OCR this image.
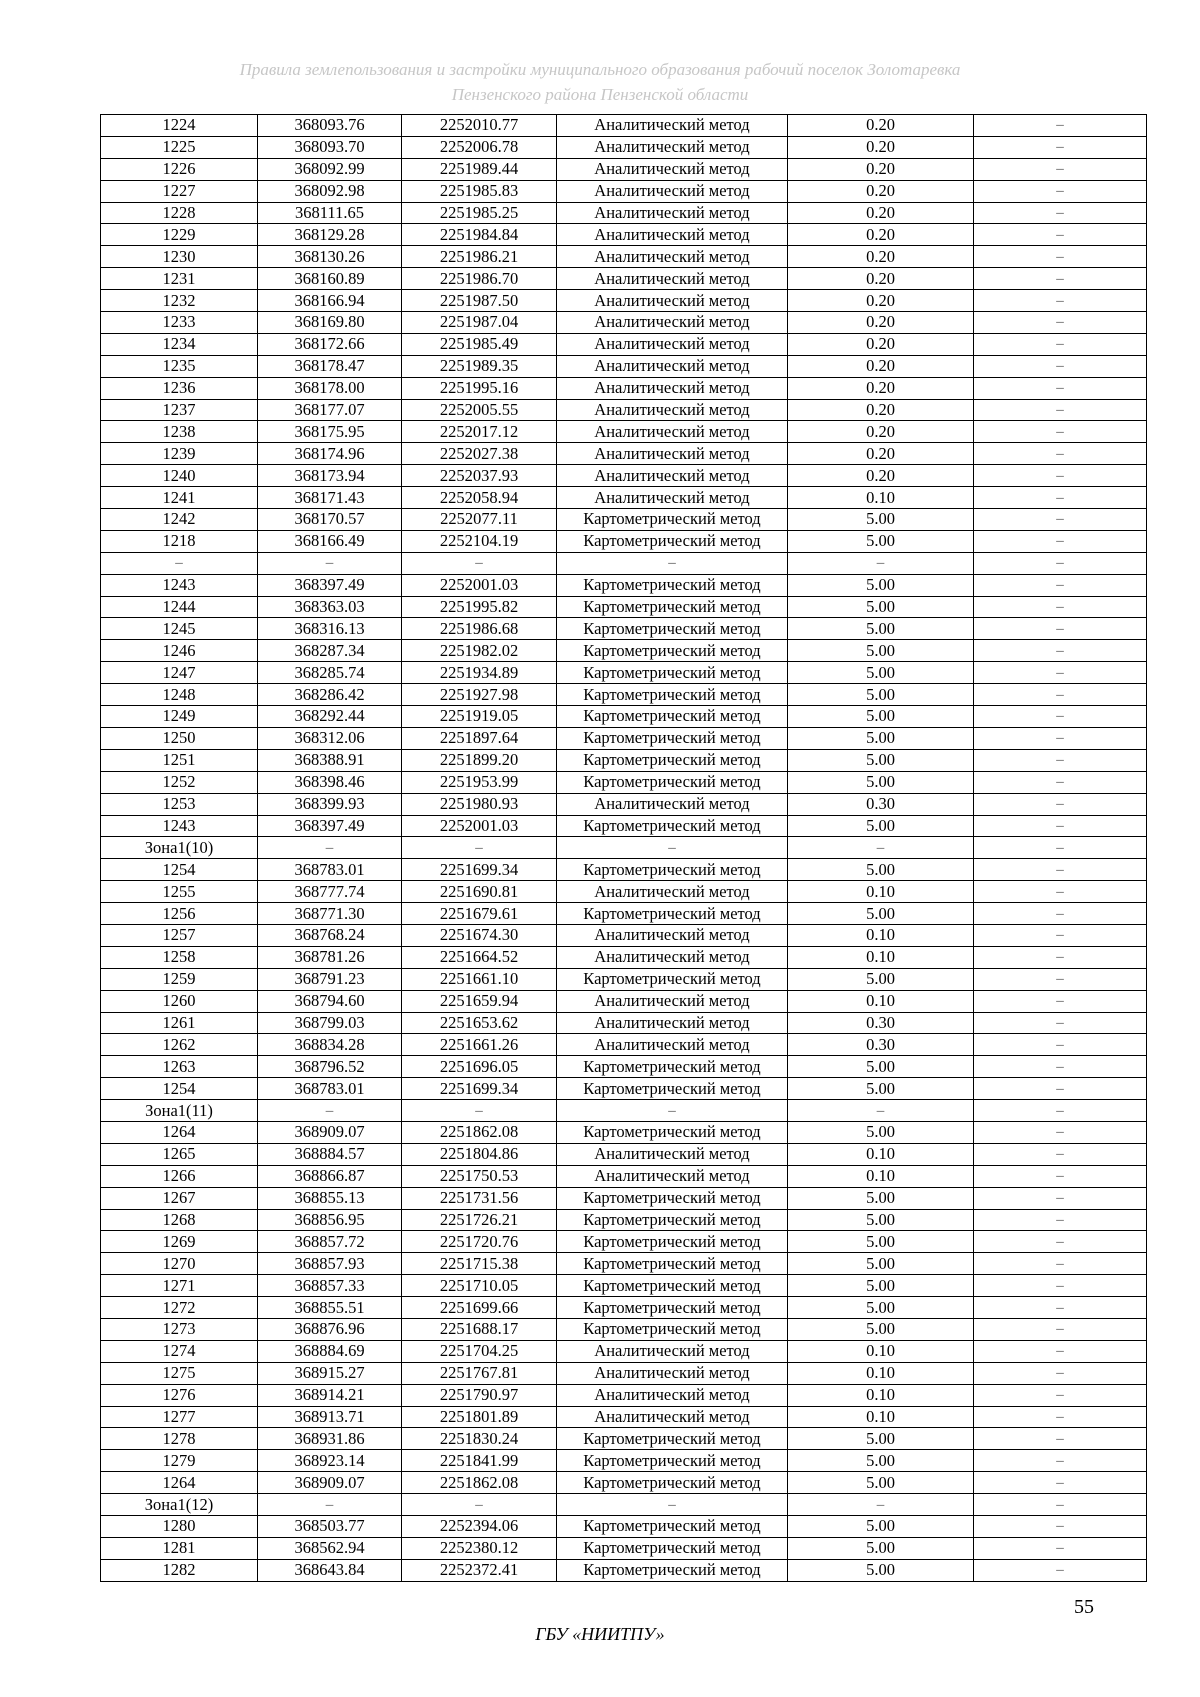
Правила землепользования и застройки муниципального образования рабочий поселок Золотаревка
Пензенского района Пензенской области
1224	368093.76	2252010.77	Аналитический метод	0.20	–
1225	368093.70	2252006.78	Аналитический метод	0.20	–
1226	368092.99	2251989.44	Аналитический метод	0.20	–
1227	368092.98	2251985.83	Аналитический метод	0.20	–
1228	368111.65	2251985.25	Аналитический метод	0.20	–
1229	368129.28	2251984.84	Аналитический метод	0.20	–
1230	368130.26	2251986.21	Аналитический метод	0.20	–
1231	368160.89	2251986.70	Аналитический метод	0.20	–
1232	368166.94	2251987.50	Аналитический метод	0.20	–
1233	368169.80	2251987.04	Аналитический метод	0.20	–
1234	368172.66	2251985.49	Аналитический метод	0.20	–
1235	368178.47	2251989.35	Аналитический метод	0.20	–
1236	368178.00	2251995.16	Аналитический метод	0.20	–
1237	368177.07	2252005.55	Аналитический метод	0.20	–
1238	368175.95	2252017.12	Аналитический метод	0.20	–
1239	368174.96	2252027.38	Аналитический метод	0.20	–
1240	368173.94	2252037.93	Аналитический метод	0.20	–
1241	368171.43	2252058.94	Аналитический метод	0.10	–
1242	368170.57	2252077.11	Картометрический метод	5.00	–
1218	368166.49	2252104.19	Картометрический метод	5.00	–
–	–	–	–	–	–
1243	368397.49	2252001.03	Картометрический метод	5.00	–
1244	368363.03	2251995.82	Картометрический метод	5.00	–
1245	368316.13	2251986.68	Картометрический метод	5.00	–
1246	368287.34	2251982.02	Картометрический метод	5.00	–
1247	368285.74	2251934.89	Картометрический метод	5.00	–
1248	368286.42	2251927.98	Картометрический метод	5.00	–
1249	368292.44	2251919.05	Картометрический метод	5.00	–
1250	368312.06	2251897.64	Картометрический метод	5.00	–
1251	368388.91	2251899.20	Картометрический метод	5.00	–
1252	368398.46	2251953.99	Картометрический метод	5.00	–
1253	368399.93	2251980.93	Аналитический метод	0.30	–
1243	368397.49	2252001.03	Картометрический метод	5.00	–
Зона1(10)	–	–	–	–	–
1254	368783.01	2251699.34	Картометрический метод	5.00	–
1255	368777.74	2251690.81	Аналитический метод	0.10	–
1256	368771.30	2251679.61	Картометрический метод	5.00	–
1257	368768.24	2251674.30	Аналитический метод	0.10	–
1258	368781.26	2251664.52	Аналитический метод	0.10	–
1259	368791.23	2251661.10	Картометрический метод	5.00	–
1260	368794.60	2251659.94	Аналитический метод	0.10	–
1261	368799.03	2251653.62	Аналитический метод	0.30	–
1262	368834.28	2251661.26	Аналитический метод	0.30	–
1263	368796.52	2251696.05	Картометрический метод	5.00	–
1254	368783.01	2251699.34	Картометрический метод	5.00	–
Зона1(11)	–	–	–	–	–
1264	368909.07	2251862.08	Картометрический метод	5.00	–
1265	368884.57	2251804.86	Аналитический метод	0.10	–
1266	368866.87	2251750.53	Аналитический метод	0.10	–
1267	368855.13	2251731.56	Картометрический метод	5.00	–
1268	368856.95	2251726.21	Картометрический метод	5.00	–
1269	368857.72	2251720.76	Картометрический метод	5.00	–
1270	368857.93	2251715.38	Картометрический метод	5.00	–
1271	368857.33	2251710.05	Картометрический метод	5.00	–
1272	368855.51	2251699.66	Картометрический метод	5.00	–
1273	368876.96	2251688.17	Картометрический метод	5.00	–
1274	368884.69	2251704.25	Аналитический метод	0.10	–
1275	368915.27	2251767.81	Аналитический метод	0.10	–
1276	368914.21	2251790.97	Аналитический метод	0.10	–
1277	368913.71	2251801.89	Аналитический метод	0.10	–
1278	368931.86	2251830.24	Картометрический метод	5.00	–
1279	368923.14	2251841.99	Картометрический метод	5.00	–
1264	368909.07	2251862.08	Картометрический метод	5.00	–
Зона1(12)	–	–	–	–	–
1280	368503.77	2252394.06	Картометрический метод	5.00	–
1281	368562.94	2252380.12	Картометрический метод	5.00	–
1282	368643.84	2252372.41	Картометрический метод	5.00	–
55
ГБУ «НИИТПУ»
